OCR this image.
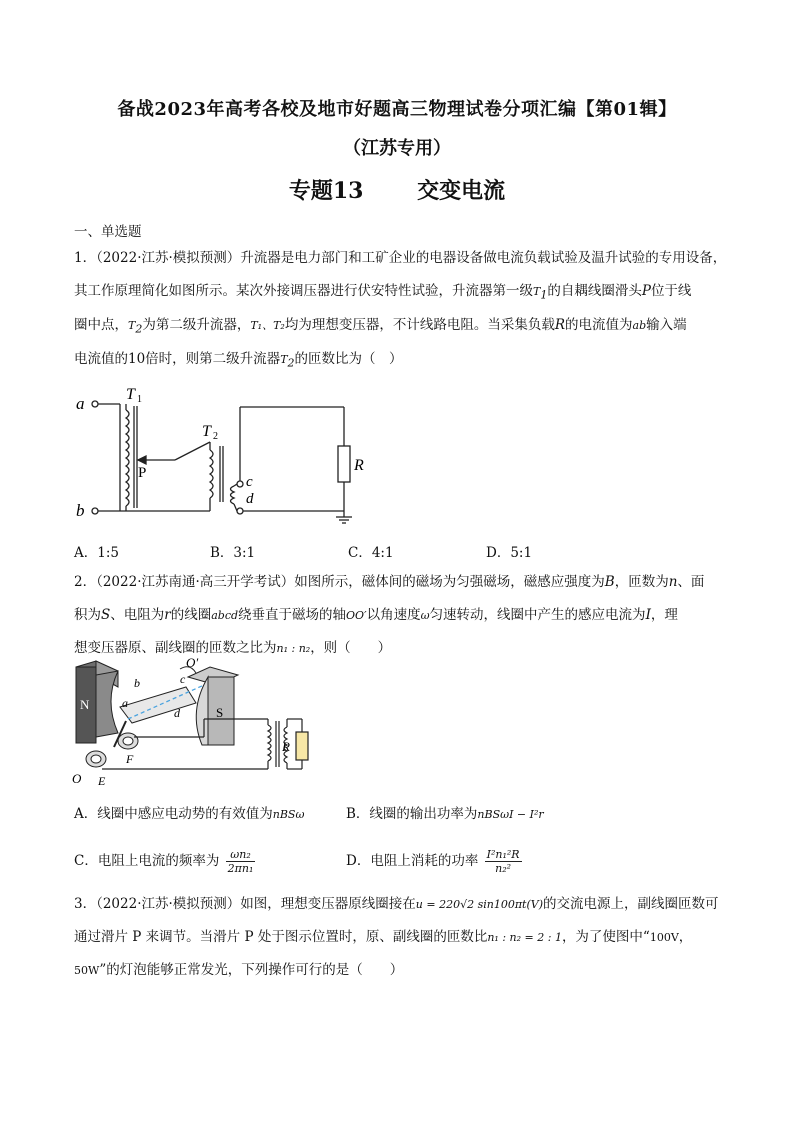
备战2023年高考各校及地市好题高三物理试卷分项汇编【第01辑】
（江苏专用）
专题13　 交变电流
一、单选题
1．（2022·江苏·模拟预测）升流器是电力部门和工矿企业的电器设备做电流负载试验及温升试验的专用设备，
其工作原理简化如图所示。某次外接调压器进行伏安特性试验，升流器第一级$T_1$的自耦线圈滑头P位于线
圈中点，$T_2$为第二级升流器，T₁、T₂均为理想变压器，不计线路电阻。当采集负载R的电流值为ab输入端
电流值的10倍时，则第二级升流器$T_2$的匝数比为（　）
a
b
T 1
T 2
P
c
d
R
A．1:5	B．3:1	C．4:1	D．5:1
2．（2022·江苏南通·高三开学考试）如图所示，磁体间的磁场为匀强磁场，磁感应强度为B，匝数为n、面
积为S、电阻为r的线圈abcd绕垂直于磁场的轴OO′以角速度ω匀速转动，线圈中产生的感应电流为I，理
想变压器原、副线圈的匝数之比为n₁ : n₂，则（　　）
N
S
O′
b	c
a
d
O E
F
R
A．线圈中感应电动势的有效值为nBSω	B．线圈的输出功率为nBSωI − I²r
C．电阻上电流的频率为 $\frac{\text{ωn₂}}{\text{2πn₁}}$	D．电阻上消耗的功率 $\frac{\text{I²n₁²R}}{\text{n₂²}}$
3．（2022·江苏·模拟预测）如图，理想变压器原线圈接在u = 220√2 sin100πt(V)的交流电源上，副线圈匝数可
通过滑片 P 来调节。当滑片 P 处于图示位置时，原、副线圈的匝数比n₁ : n₂ = 2 : 1，为了使图中“100V，
50W”的灯泡能够正常发光，下列操作可行的是（　　）
